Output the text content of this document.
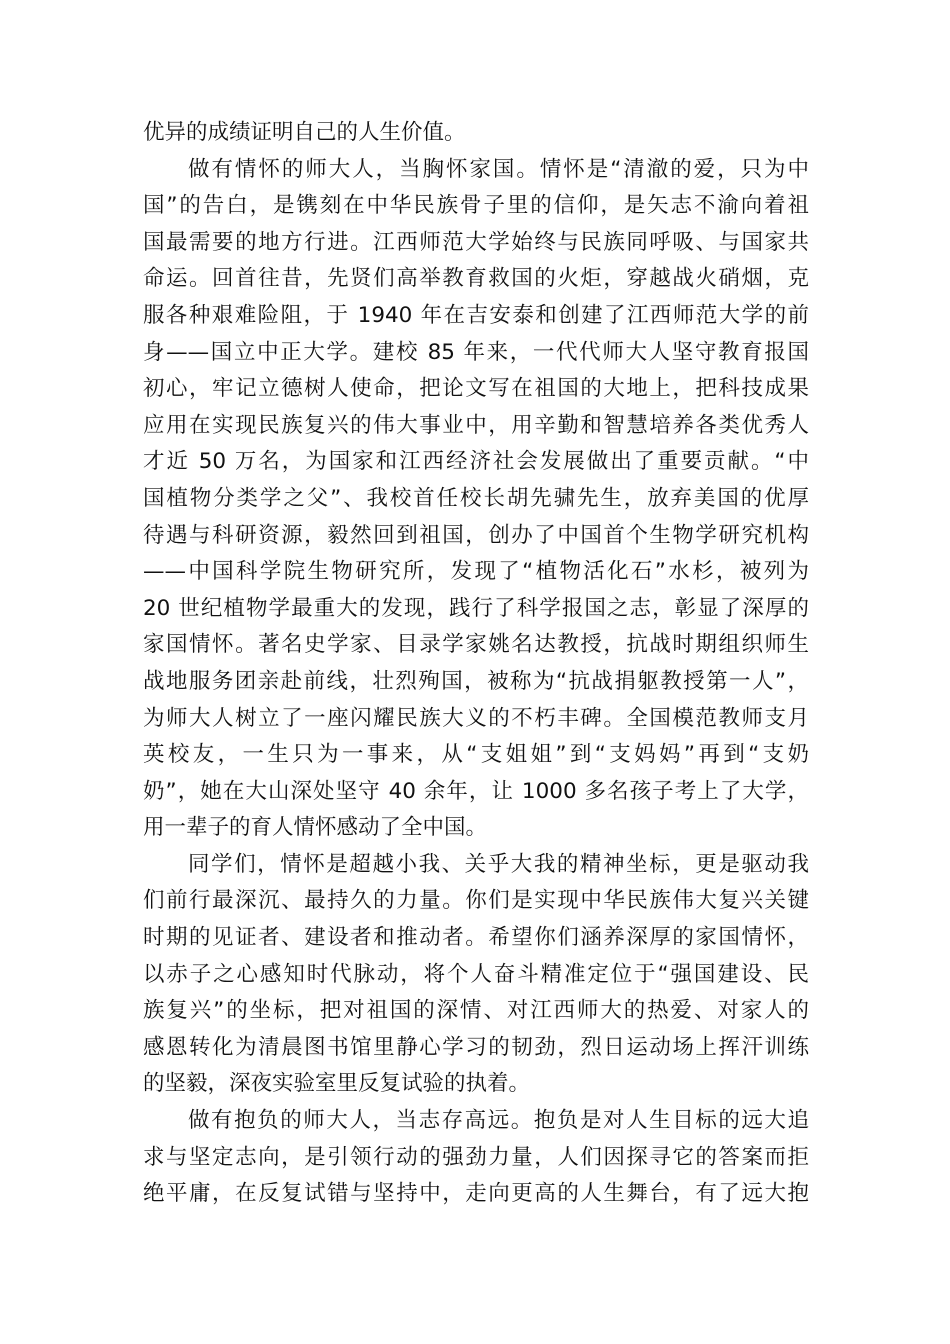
优异的成绩证明自己的人生价值。
做有情怀的师大人，当胸怀家国。情怀是“清澈的爱，只为中
国”的告白，是镌刻在中华民族骨子里的信仰，是矢志不渝向着祖
国最需要的地方行进。江西师范大学始终与民族同呼吸、与国家共
命运。回首往昔，先贤们高举教育救国的火炬，穿越战火硝烟，克
服各种艰难险阻，于 1940 年在吉安泰和创建了江西师范大学的前
身——国立中正大学。建校 85 年来，一代代师大人坚守教育报国
初心，牢记立德树人使命，把论文写在祖国的大地上，把科技成果
应用在实现民族复兴的伟大事业中，用辛勤和智慧培养各类优秀人
才近 50 万名，为国家和江西经济社会发展做出了重要贡献。“中
国植物分类学之父”、我校首任校长胡先骕先生，放弃美国的优厚
待遇与科研资源，毅然回到祖国，创办了中国首个生物学研究机构
——中国科学院生物研究所，发现了“植物活化石”水杉，被列为
20 世纪植物学最重大的发现，践行了科学报国之志，彰显了深厚的
家国情怀。著名史学家、目录学家姚名达教授，抗战时期组织师生
战地服务团亲赴前线，壮烈殉国，被称为“抗战捐躯教授第一人”，
为师大人树立了一座闪耀民族大义的不朽丰碑。全国模范教师支月
英校友，一生只为一事来，从“支姐姐”到“支妈妈”再到“支奶
奶”，她在大山深处坚守 40 余年，让 1000 多名孩子考上了大学，
用一辈子的育人情怀感动了全中国。
同学们，情怀是超越小我、关乎大我的精神坐标，更是驱动我
们前行最深沉、最持久的力量。你们是实现中华民族伟大复兴关键
时期的见证者、建设者和推动者。希望你们涵养深厚的家国情怀，
以赤子之心感知时代脉动，将个人奋斗精准定位于“强国建设、民
族复兴”的坐标，把对祖国的深情、对江西师大的热爱、对家人的
感恩转化为清晨图书馆里静心学习的韧劲，烈日运动场上挥汗训练
的坚毅，深夜实验室里反复试验的执着。
做有抱负的师大人，当志存高远。抱负是对人生目标的远大追
求与坚定志向，是引领行动的强劲力量，人们因探寻它的答案而拒
绝平庸，在反复试错与坚持中，走向更高的人生舞台，有了远大抱
